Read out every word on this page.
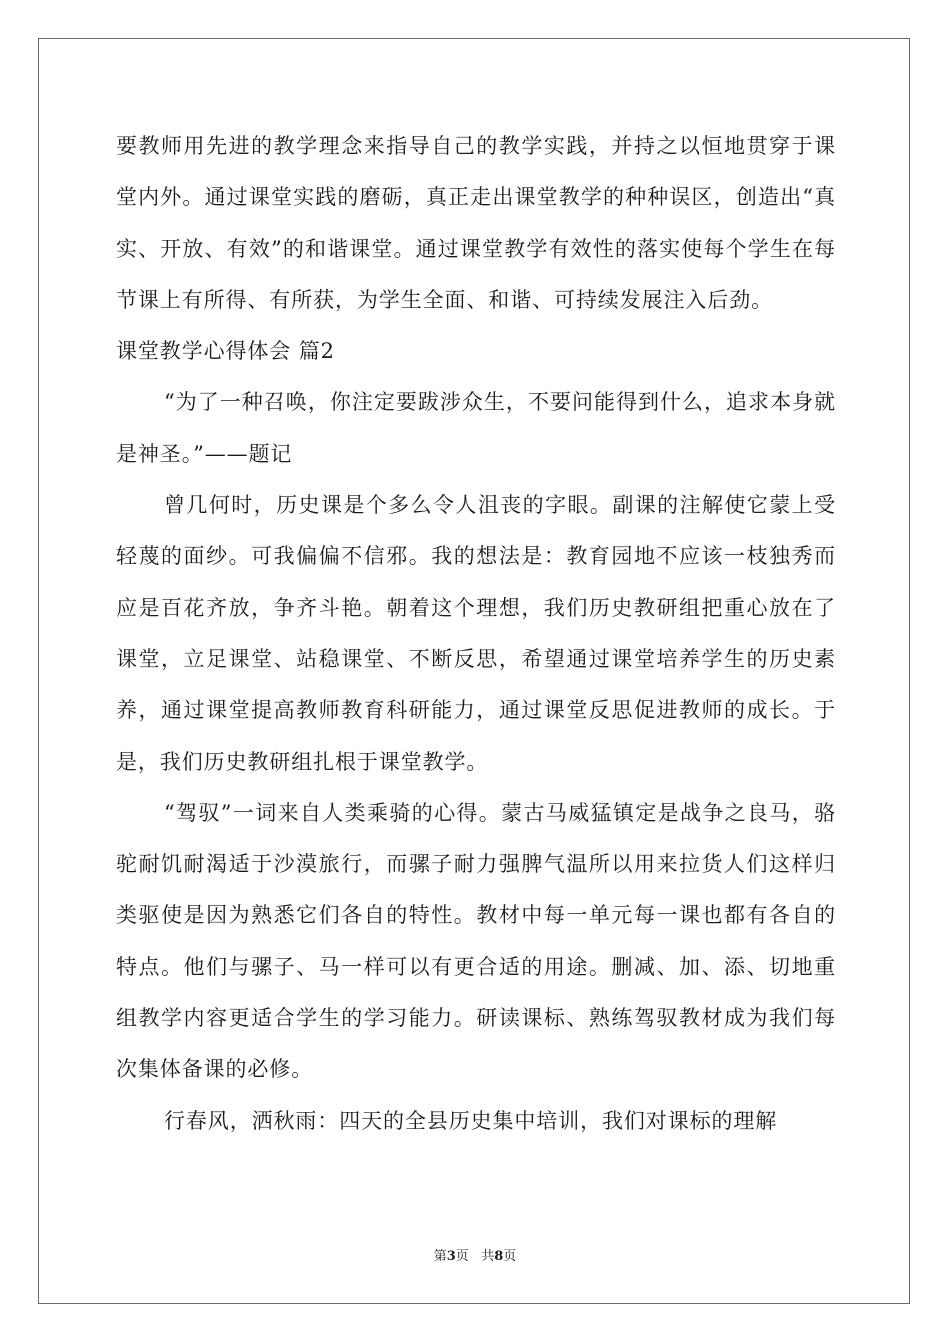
要教师用先进的教学理念来指导自己的教学实践，并持之以恒地贯穿于课堂内外。通过课堂实践的磨砺，真正走出课堂教学的种种误区，创造出“真实、开放、有效”的和谐课堂。通过课堂教学有效性的落实使每个学生在每节课上有所得、有所获，为学生全面、和谐、可持续发展注入后劲。

课堂教学心得体会 篇2

“为了一种召唤，你注定要跋涉众生，不要问能得到什么，追求本身就是神圣。”——题记

曾几何时，历史课是个多么令人沮丧的字眼。副课的注解使它蒙上受轻蔑的面纱。可我偏偏不信邪。我的想法是：教育园地不应该一枝独秀而应是百花齐放，争齐斗艳。朝着这个理想，我们历史教研组把重心放在了课堂，立足课堂、站稳课堂、不断反思，希望通过课堂培养学生的历史素养，通过课堂提高教师教育科研能力，通过课堂反思促进教师的成长。于是，我们历史教研组扎根于课堂教学。

“驾驭”一词来自人类乘骑的心得。蒙古马威猛镇定是战争之良马，骆驼耐饥耐渴适于沙漠旅行，而骡子耐力强脾气温所以用来拉货人们这样归类驱使是因为熟悉它们各自的特性。教材中每一单元每一课也都有各自的特点。他们与骡子、马一样可以有更合适的用途。删减、加、添、切地重组教学内容更适合学生的学习能力。研读课标、熟练驾驭教材成为我们每次集体备课的必修。

行春风，洒秋雨：四天的全县历史集中培训，我们对课标的理解

第3页 共8页
